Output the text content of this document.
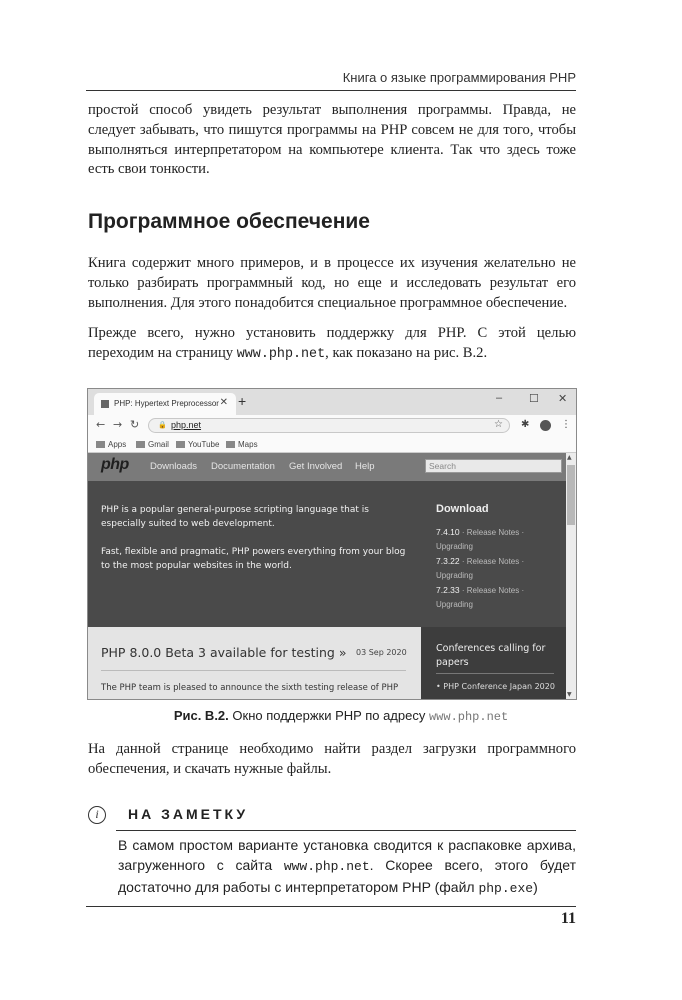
Книга о языке программирования PHP

простой способ увидеть результат выполнения программы. Правда, не следует забывать, что пишутся программы на PHP совсем не для того, чтобы выполняться интерпретатором на компьютере клиента. Так что здесь тоже есть свои тонкости.

Программное обеспечение

Книга содержит много примеров, и в процессе их изучения желательно не только разбирать программный код, но еще и исследовать результат его выполнения. Для этого понадобится специальное программное обеспечение.

Прежде всего, нужно установить поддержку для PHP. С этой целью переходим на страницу www.php.net, как показано на рис. B.2.

PHP: Hypertext Preprocessor ✕ +	– ☐ ✕
← → ↻	🔒 php.net	☆ ✱	⋮
Apps	Gmail	YouTube	Maps
php Downloads Documentation Get Involved Help	Search

PHP is a popular general-purpose scripting language that is especially suited to web development.

Fast, flexible and pragmatic, PHP powers everything from your blog to the most popular websites in the world.

Download
7.4.10 · Release Notes ·
Upgrading
7.3.22 · Release Notes ·
Upgrading
7.2.33 · Release Notes ·
Upgrading
PHP 8.0.0 Beta 3 available for testing » 03 Sep 2020
The PHP team is pleased to announce the sixth testing release of PHP
Conferences calling for papers
• PHP Conference Japan 2020
▲
▼
Рис. B.2. Окно поддержки PHP по адресу www.php.net

На данной странице необходимо найти раздел загрузки программного обеспечения, и скачать нужные файлы.

i	НА ЗАМЕТКУ
В самом простом варианте установка сводится к распаковке архива, загруженного с сайта www.php.net. Скорее всего, этого будет достаточно для работы с интерпретатором PHP (файл php.exe)
11
